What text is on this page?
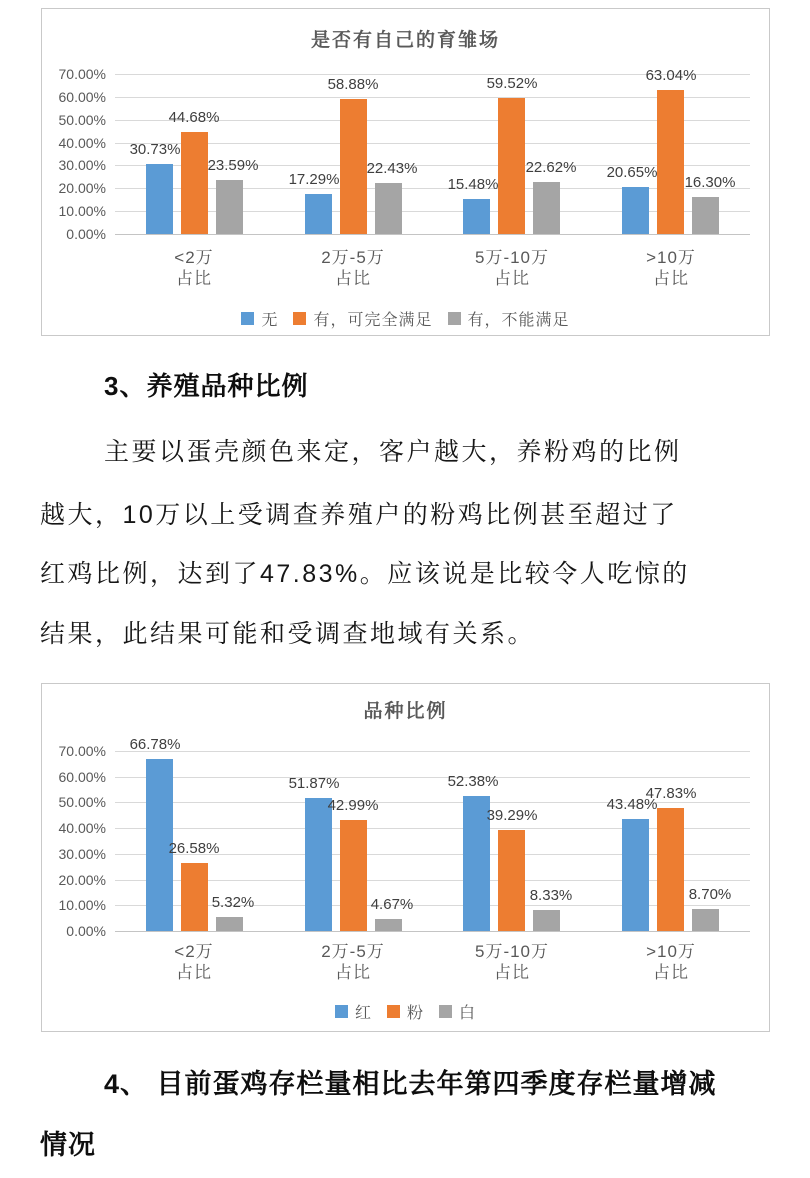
是否有自己的育雏场
70.00%
60.00%
50.00%
40.00%
30.00%
20.00%
10.00%
0.00%
30.73%
44.68%
23.59%
<2万
占比
17.29%
58.88%
22.43%
2万-5万
占比
15.48%
59.52%
22.62%
5万-10万
占比
20.65%
63.04%
16.30%
>10万
占比
无 有，可完全满足 有，不能满足
3、养殖品种比例
主要以蛋壳颜色来定，客户越大，养粉鸡的比例
越大，10万以上受调查养殖户的粉鸡比例甚至超过了
红鸡比例，达到了47.83%。应该说是比较令人吃惊的
结果，此结果可能和受调查地域有关系。
品种比例
70.00%
60.00%
50.00%
40.00%
30.00%
20.00%
10.00%
0.00%
66.78%
26.58%
5.32%
<2万
占比
51.87%
42.99%
4.67%
2万-5万
占比
52.38%
39.29%
8.33%
5万-10万
占比
43.48%
47.83%
8.70%
>10万
占比
红 粉 白
4、 目前蛋鸡存栏量相比去年第四季度存栏量增减
情况
